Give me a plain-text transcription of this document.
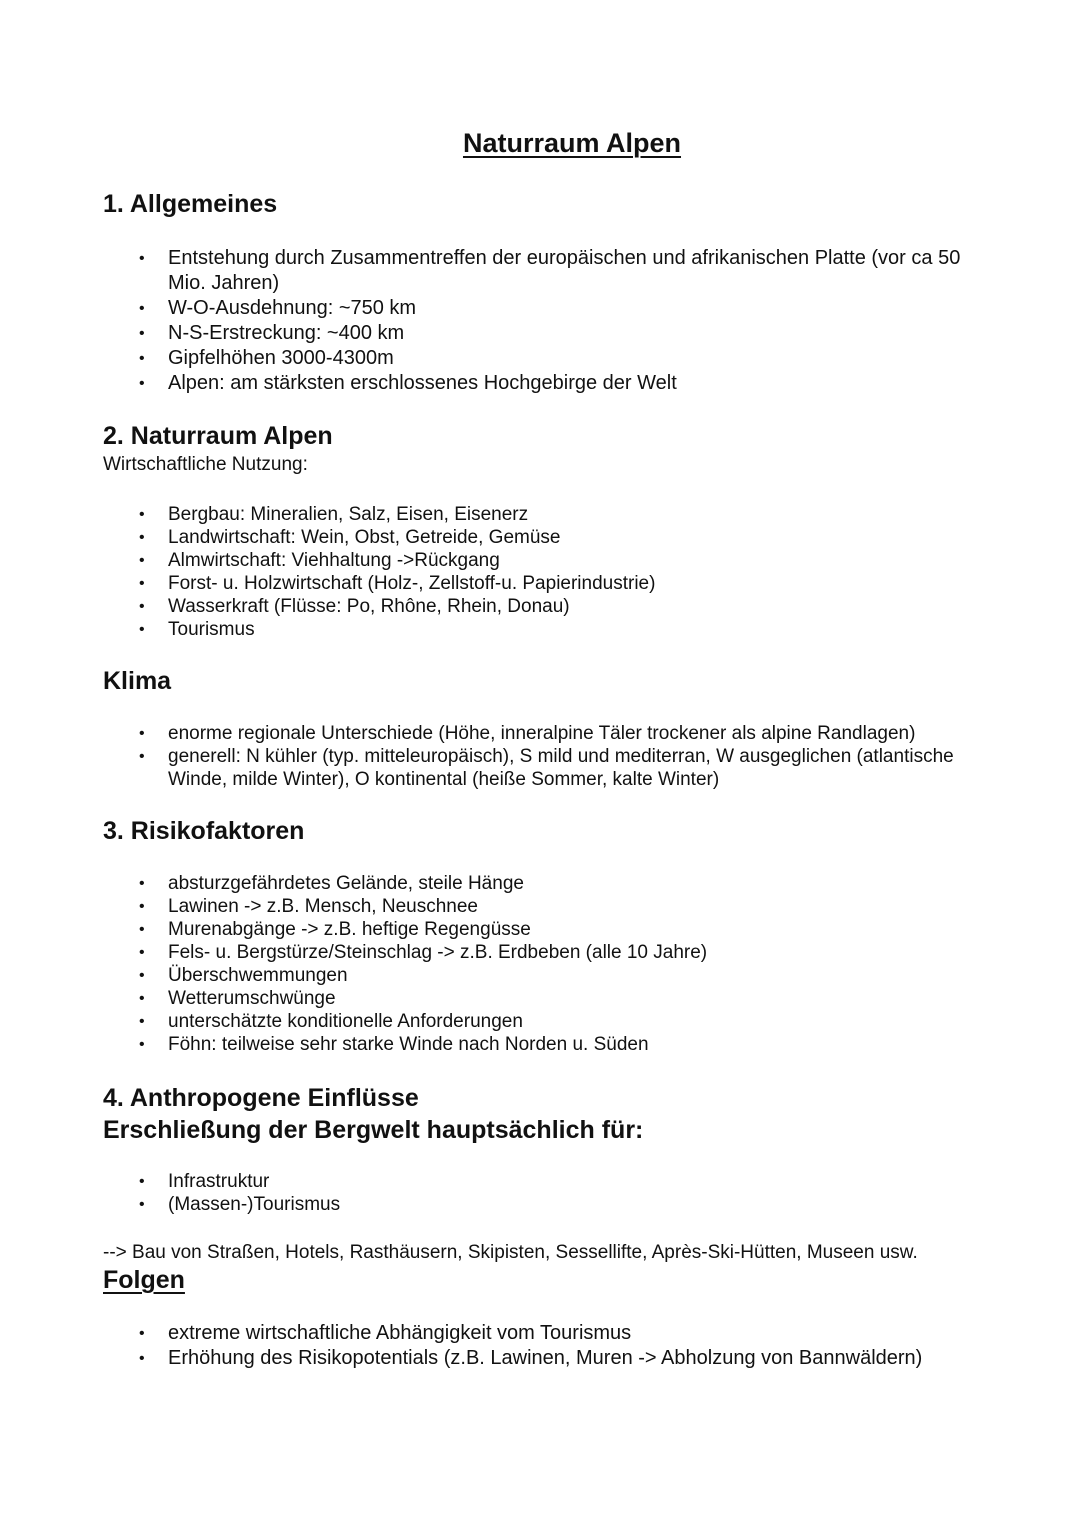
Naturraum Alpen
1. Allgemeines
• Entstehung durch Zusammentreffen der europäischen und afrikanischen Platte (vor ca 50 Mio. Jahren)
• W-O-Ausdehnung: ~750 km
• N-S-Erstreckung: ~400 km
• Gipfelhöhen 3000-4300m
• Alpen: am stärksten erschlossenes Hochgebirge der Welt
2. Naturraum Alpen

Wirtschaftliche Nutzung:

• Bergbau: Mineralien, Salz, Eisen, Eisenerz
• Landwirtschaft: Wein, Obst, Getreide, Gemüse
• Almwirtschaft: Viehhaltung ->Rückgang
• Forst- u. Holzwirtschaft (Holz-, Zellstoff-u. Papierindustrie)
• Wasserkraft (Flüsse: Po, Rhône, Rhein, Donau)
• Tourismus
Klima
• enorme regionale Unterschiede (Höhe, inneralpine Täler trockener als alpine Randlagen)
• generell: N kühler (typ. mitteleuropäisch), S mild und mediterran, W ausgeglichen (atlantische Winde, milde Winter), O kontinental (heiße Sommer, kalte Winter)
3. Risikofaktoren
• absturzgefährdetes Gelände, steile Hänge
• Lawinen -> z.B. Mensch, Neuschnee
• Murenabgänge -> z.B. heftige Regengüsse
• Fels- u. Bergstürze/Steinschlag -> z.B. Erdbeben (alle 10 Jahre)
• Überschwemmungen
• Wetterumschwünge
• unterschätzte konditionelle Anforderungen
• Föhn: teilweise sehr starke Winde nach Norden u. Süden
4. Anthropogene Einflüsse
Erschließung der Bergwelt hauptsächlich für:
• Infrastruktur
• (Massen-)Tourismus

--> Bau von Straßen, Hotels, Rasthäusern, Skipisten, Sessellifte, Après-Ski-Hütten, Museen usw.

Folgen
• extreme wirtschaftliche Abhängigkeit vom Tourismus
• Erhöhung des Risikopotentials (z.B. Lawinen, Muren -> Abholzung von Bannwäldern)
